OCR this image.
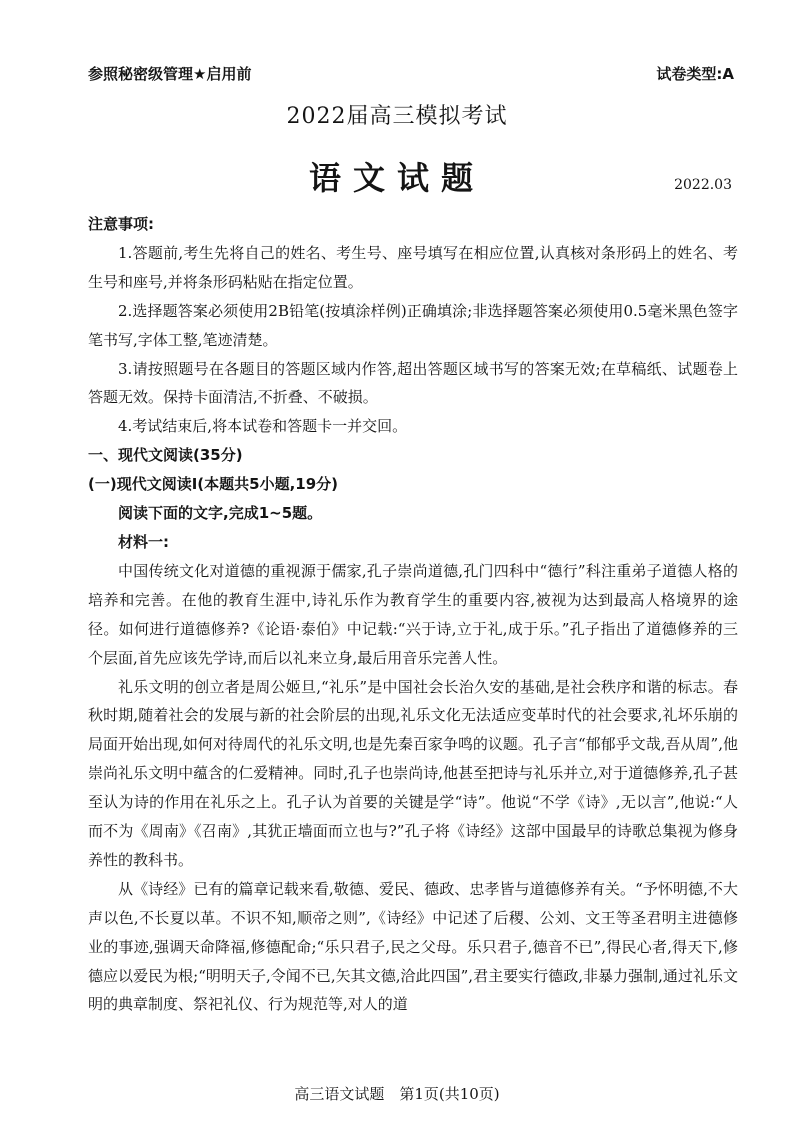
参照秘密级管理★启用前	试卷类型:A
2022届高三模拟考试
语文试题	2022.03

注意事项:

1.答题前,考生先将自己的姓名、考生号、座号填写在相应位置,认真核对条形码上的姓名、考生号和座号,并将条形码粘贴在指定位置。

2.选择题答案必须使用2B铅笔(按填涂样例)正确填涂;非选择题答案必须使用0.5毫米黑色签字笔书写,字体工整,笔迹清楚。

3.请按照题号在各题目的答题区域内作答,超出答题区域书写的答案无效;在草稿纸、试题卷上答题无效。保持卡面清洁,不折叠、不破损。

4.考试结束后,将本试卷和答题卡一并交回。

一、现代文阅读(35分)

(一)现代文阅读Ⅰ(本题共5小题,19分)

阅读下面的文字,完成1~5题。

材料一:

中国传统文化对道德的重视源于儒家,孔子崇尚道德,孔门四科中“德行”科注重弟子道德人格的培养和完善。在他的教育生涯中,诗礼乐作为教育学生的重要内容,被视为达到最高人格境界的途径。如何进行道德修养?《论语·泰伯》中记载:“兴于诗,立于礼,成于乐。”孔子指出了道德修养的三个层面,首先应该先学诗,而后以礼来立身,最后用音乐完善人性。

礼乐文明的创立者是周公姬旦,“礼乐”是中国社会长治久安的基础,是社会秩序和谐的标志。春秋时期,随着社会的发展与新的社会阶层的出现,礼乐文化无法适应变革时代的社会要求,礼坏乐崩的局面开始出现,如何对待周代的礼乐文明,也是先秦百家争鸣的议题。孔子言“郁郁乎文哉,吾从周”,他崇尚礼乐文明中蕴含的仁爱精神。同时,孔子也崇尚诗,他甚至把诗与礼乐并立,对于道德修养,孔子甚至认为诗的作用在礼乐之上。孔子认为首要的关键是学“诗”。他说“不学《诗》,无以言”,他说:“人而不为《周南》《召南》,其犹正墙面而立也与?”孔子将《诗经》这部中国最早的诗歌总集视为修身养性的教科书。

从《诗经》已有的篇章记载来看,敬德、爱民、德政、忠孝皆与道德修养有关。“予怀明德,不大声以色,不长夏以革。不识不知,顺帝之则”,《诗经》中记述了后稷、公刘、文王等圣君明主进德修业的事迹,强调天命降福,修德配命;“乐只君子,民之父母。乐只君子,德音不已”,得民心者,得天下,修德应以爱民为根;“明明天子,令闻不已,矢其文德,洽此四国”,君主要实行德政,非暴力强制,通过礼乐文明的典章制度、祭祀礼仪、行为规范等,对人的道

高三语文试题　第1页(共10页)
